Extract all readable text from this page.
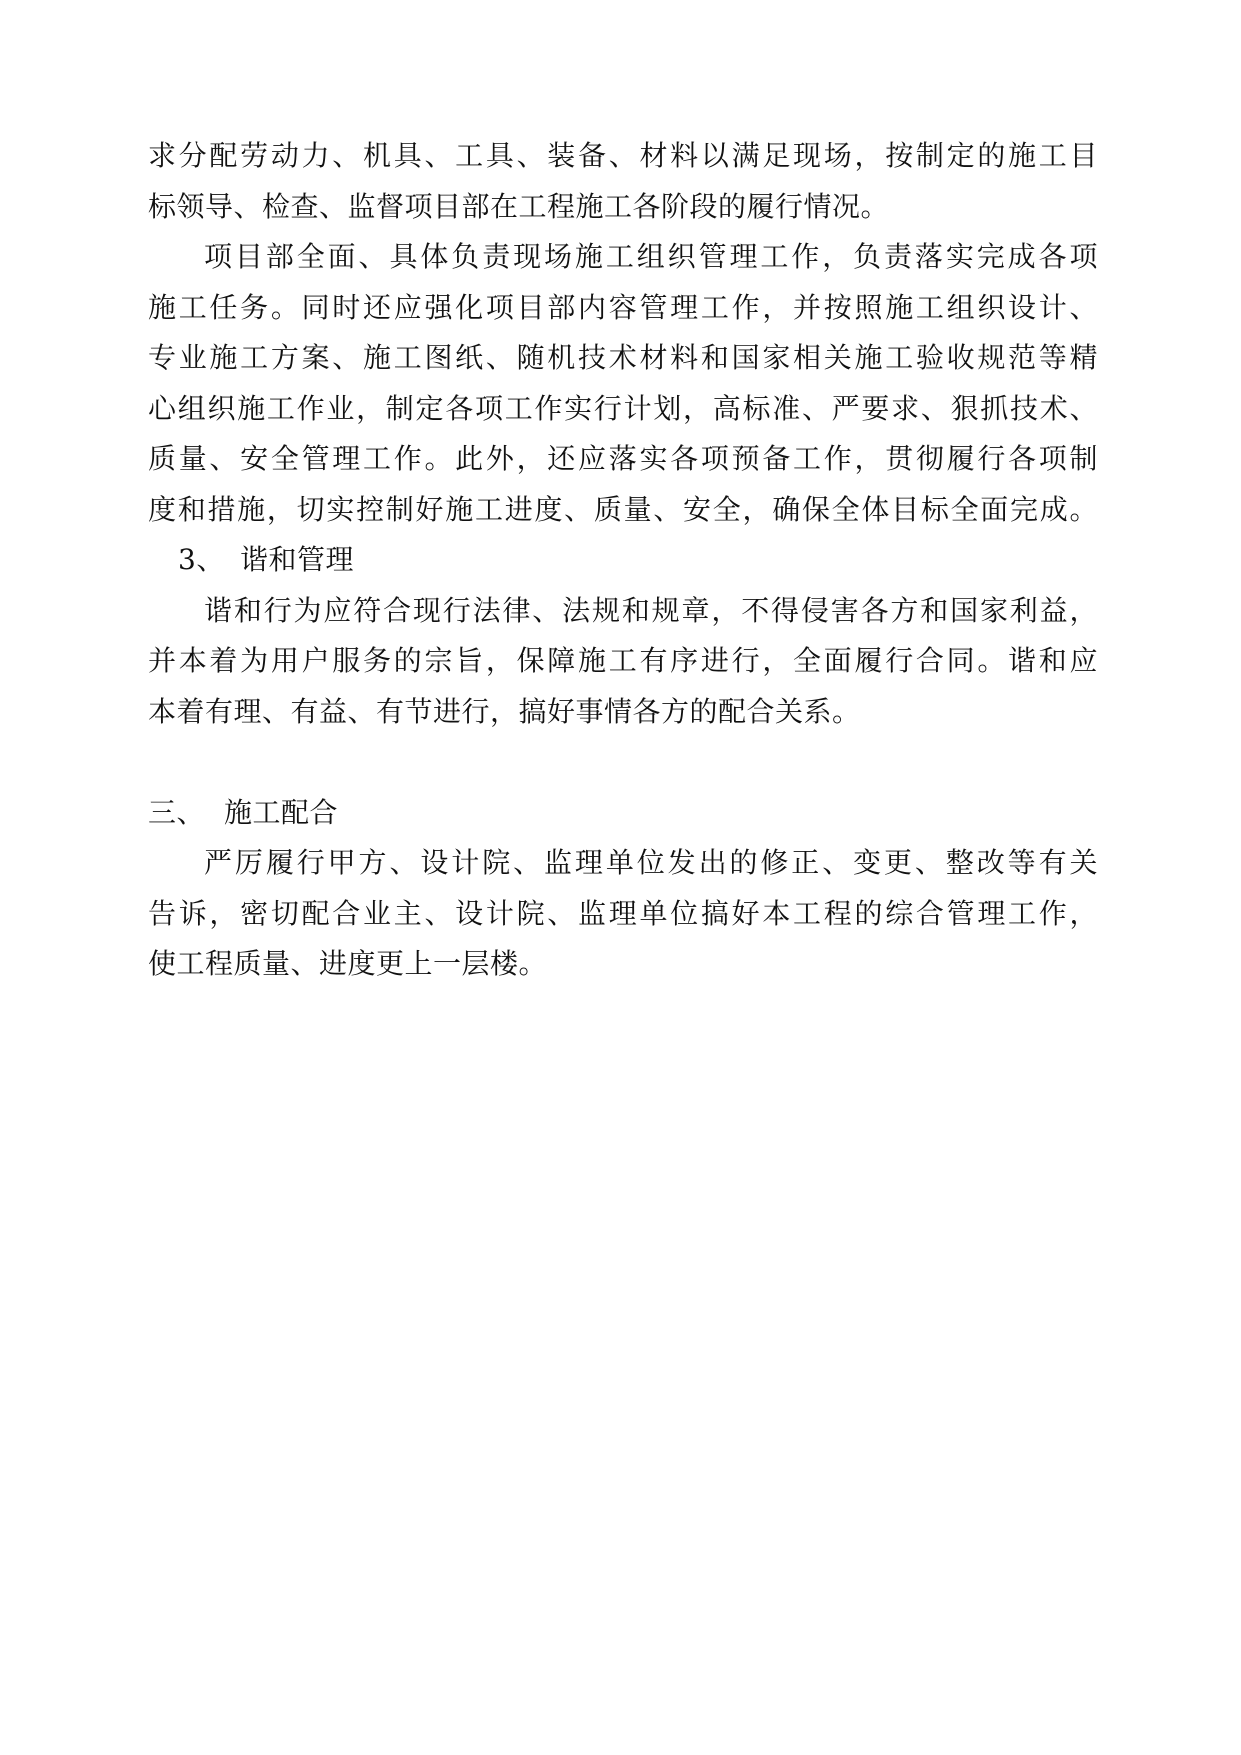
求分配劳动力、机具、工具、装备、材料以满足现场，按制定的施工目
标领导、检查、监督项目部在工程施工各阶段的履行情况。
项目部全面、具体负责现场施工组织管理工作，负责落实完成各项
施工任务。同时还应强化项目部内容管理工作，并按照施工组织设计、
专业施工方案、施工图纸、随机技术材料和国家相关施工验收规范等精
心组织施工作业，制定各项工作实行计划，高标准、严要求、狠抓技术、
质量、安全管理工作。此外，还应落实各项预备工作，贯彻履行各项制
度和措施，切实控制好施工进度、质量、安全，确保全体目标全面完成。
3、 谐和管理
谐和行为应符合现行法律、法规和规章，不得侵害各方和国家利益，
并本着为用户服务的宗旨，保障施工有序进行，全面履行合同。谐和应
本着有理、有益、有节进行，搞好事情各方的配合关系。
三、 施工配合
严厉履行甲方、设计院、监理单位发出的修正、变更、整改等有关
告诉，密切配合业主、设计院、监理单位搞好本工程的综合管理工作，
使工程质量、进度更上一层楼。
